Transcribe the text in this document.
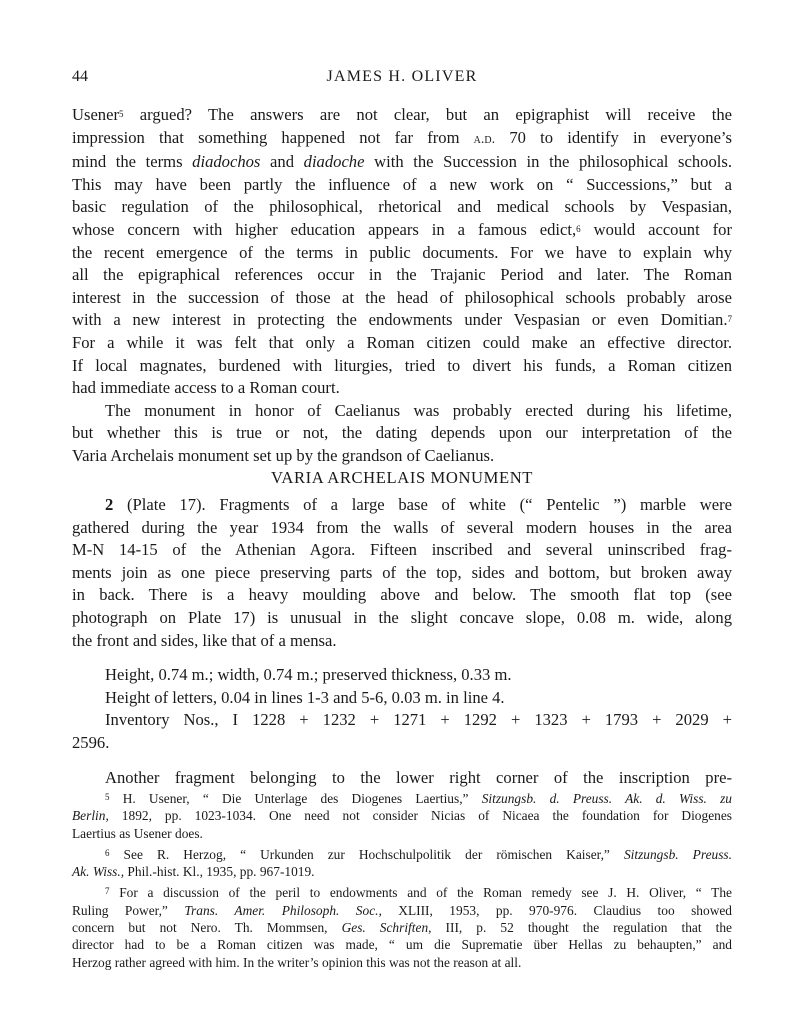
44	JAMES H. OLIVER
Usener$^5$ argued? The answers are not clear, but an epigraphist will receive the
impression that something happened not far from a.d. 70 to identify in everyone’s
mind the terms diadochos and diadoche with the Succession in the philosophical schools.
This may have been partly the influence of a new work on “ Successions,” but a
basic regulation of the philosophical, rhetorical and medical schools by Vespasian,
whose concern with higher education appears in a famous edict,$^6$ would account for
the recent emergence of the terms in public documents. For we have to explain why
all the epigraphical references occur in the Trajanic Period and later. The Roman
interest in the succession of those at the head of philosophical schools probably arose
with a new interest in protecting the endowments under Vespasian or even Domitian.$^7$
For a while it was felt that only a Roman citizen could make an effective director.
If local magnates, burdened with liturgies, tried to divert his funds, a Roman citizen
had immediate access to a Roman court.
The monument in honor of Caelianus was probably erected during his lifetime,
but whether this is true or not, the dating depends upon our interpretation of the
Varia Archelais monument set up by the grandson of Caelianus.
VARIA ARCHELAIS MONUMENT
2 (Plate 17). Fragments of a large base of white (“ Pentelic ”) marble were
gathered during the year 1934 from the walls of several modern houses in the area
M-N 14-15 of the Athenian Agora. Fifteen inscribed and several uninscribed frag-
ments join as one piece preserving parts of the top, sides and bottom, but broken away
in back. There is a heavy moulding above and below. The smooth flat top (see
photograph on Plate 17) is unusual in the slight concave slope, 0.08 m. wide, along
the front and sides, like that of a mensa.
Height, 0.74 m.; width, 0.74 m.; preserved thickness, 0.33 m.
Height of letters, 0.04 in lines 1-3 and 5-6, 0.03 m. in line 4.
Inventory Nos., I 1228 + 1232 + 1271 + 1292 + 1323 + 1793 + 2029 +
2596.
Another fragment belonging to the lower right corner of the inscription pre-
$^5$ H. Usener, “ Die Unterlage des Diogenes Laertius,” Sitzungsb. d. Preuss. Ak. d. Wiss. zu
Berlin, 1892, pp. 1023-1034. One need not consider Nicias of Nicaea the foundation for Diogenes
Laertius as Usener does.
$^6$ See R. Herzog, “ Urkunden zur Hochschulpolitik der römischen Kaiser,” Sitzungsb. Preuss.
Ak. Wiss., Phil.-hist. Kl., 1935, pp. 967-1019.
$^7$ For a discussion of the peril to endowments and of the Roman remedy see J. H. Oliver, “ The
Ruling Power,” Trans. Amer. Philosoph. Soc., XLIII, 1953, pp. 970-976. Claudius too showed
concern but not Nero. Th. Mommsen, Ges. Schriften, III, p. 52 thought the regulation that the
director had to be a Roman citizen was made, “ um die Suprematie über Hellas zu behaupten,” and
Herzog rather agreed with him. In the writer’s opinion this was not the reason at all.
